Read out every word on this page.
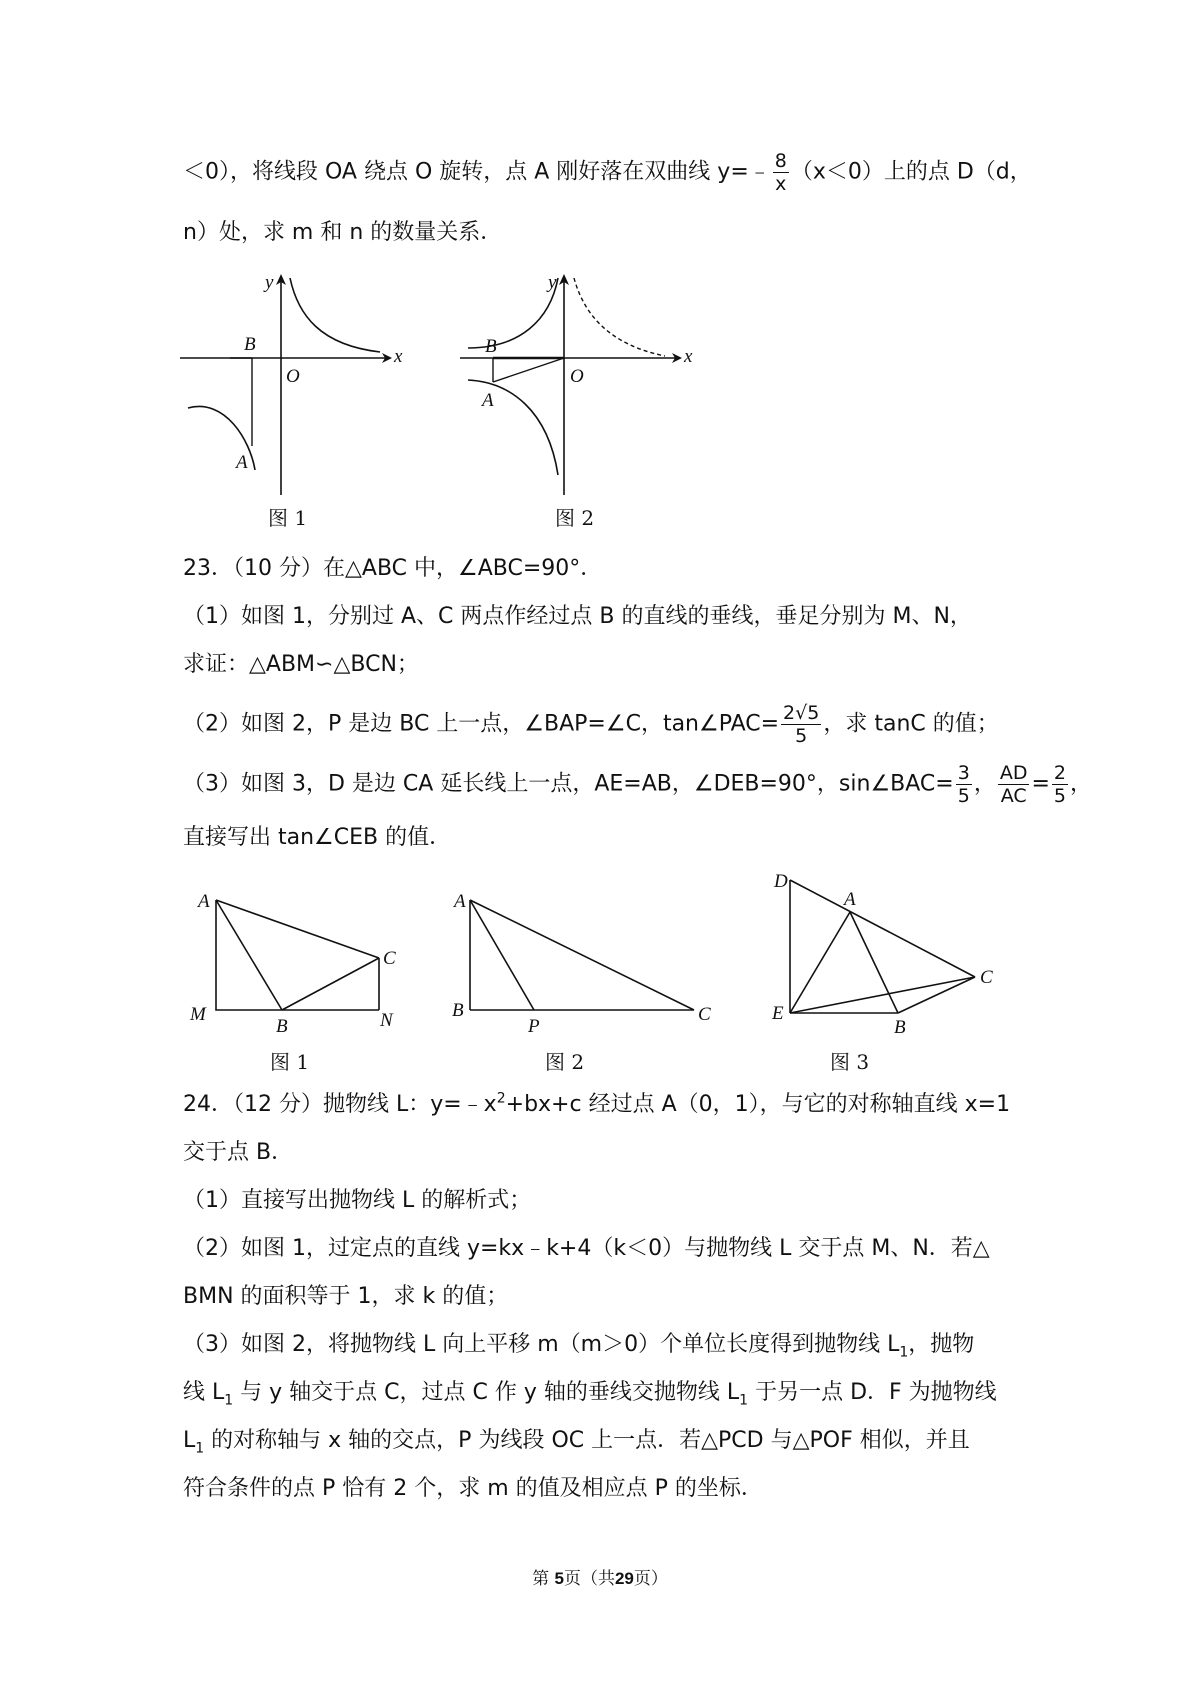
＜0），将线段 OA 绕点 O 旋转，点 A 刚好落在双曲线 y=﹣ $\frac{8}{x} (x<0)$上的点 D（d，
n）处，求 m 和 n 的数量关系．
y
x
B
O
A
图 1
y
x
B
O
A
图 2
23．（10 分）在△ABC 中，∠ABC=90°．
（1）如图 1，分别过 A、C 两点作经过点 B 的直线的垂线，垂足分别为 M、N，
求证：△ABM∽△BCN；
（2）如图 2，P 是边 BC 上一点，∠BAP=∠C，tan∠PAC= $\frac{2√5}{5}$ ，求 tanC 的值；
（3）如图 3，D 是边 CA 延长线上一点，AE=AB，∠DEB=90°，sin∠BAC= $\frac{3}{5}$ ， $\frac{AD}{AC} = \frac{2}{5}$ ，
直接写出 tan∠CEB 的值．
A
C
M
B	N
图 1
A
B
P
C
图 2
D
A
C
E
B
图 3
24．（12 分）抛物线 L：$y=﹣x^2+bx+c$ 经过点 A（0，1），与它的对称轴直线 x=1
交于点 B．
（1）直接写出抛物线 L 的解析式；
（2）如图 1，过定点的直线 y=kx﹣k+4（k＜0）与抛物线 L 交于点 M、N．若△
BMN 的面积等于 1，求 k 的值；
（3）如图 2，将抛物线 L 向上平移 m（m＞0）个单位长度得到抛物线 $L_1$，抛物
线 $L_1$ 与 y 轴交于点 C，过点 C 作 y 轴的垂线交抛物线 $L_1$ 于另一点 D．F 为抛物线
$L_1$ 的对称轴与 x 轴的交点，P 为线段 OC 上一点．若△PCD 与△POF 相似，并且
符合条件的点 P 恰有 2 个，求 m 的值及相应点 P 的坐标．
第 5页（共29页）
